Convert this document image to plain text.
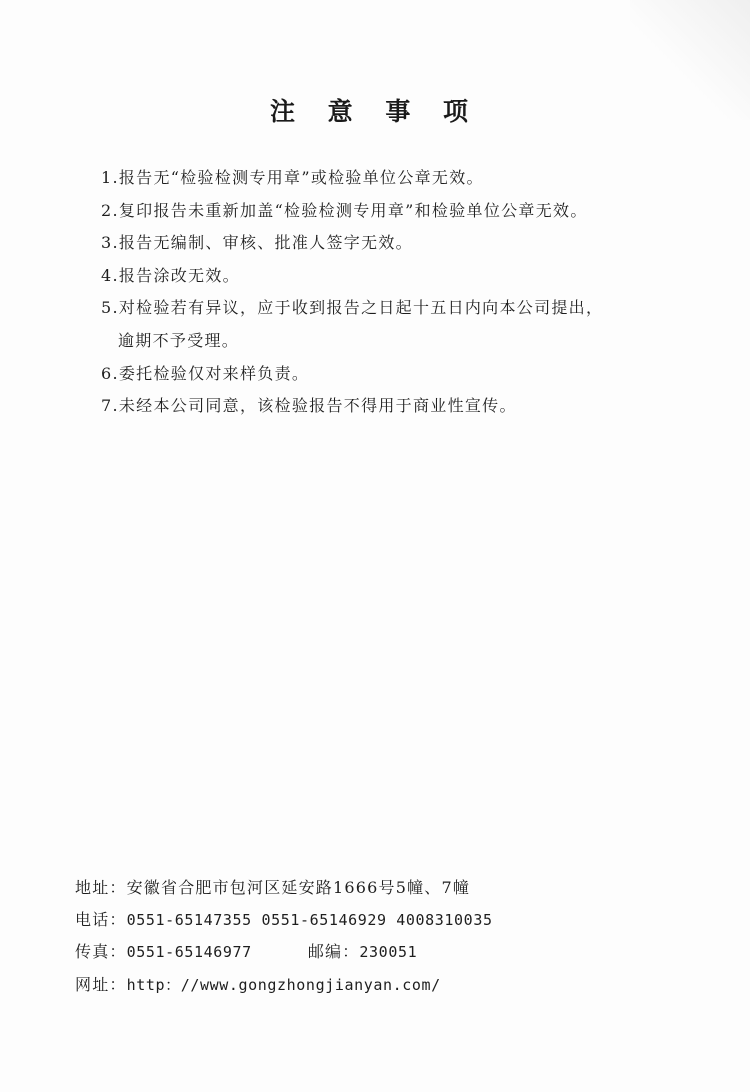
注 意 事 项
1.报告无“检验检测专用章”或检验单位公章无效。
2.复印报告未重新加盖“检验检测专用章”和检验单位公章无效。
3.报告无编制、审核、批准人签字无效。
4.报告涂改无效。
5.对检验若有异议，应于收到报告之日起十五日内向本公司提出，
逾期不予受理。
6.委托检验仅对来样负责。
7.未经本公司同意，该检验报告不得用于商业性宣传。
地址：安徽省合肥市包河区延安路1666号5幢、7幢
电话：0551-65147355 0551-65146929 4008310035
传真：0551-65146977	邮编：230051
网址：http：//www.gongzhongjianyan.com/
